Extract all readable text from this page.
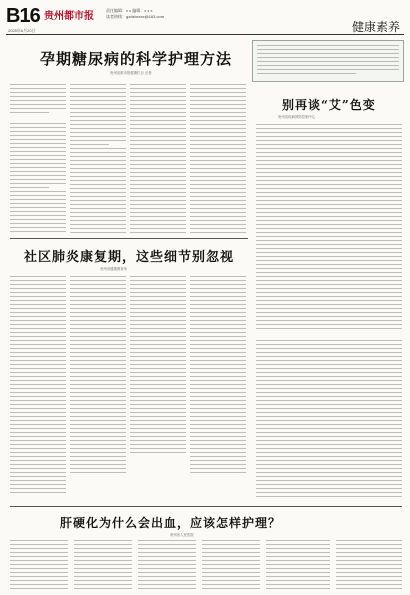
B16 贵州都市报
2025年6月20日
责任编辑：x x 编辑：x x x
读者热线：gzdsbxxxx@163.com
健康素养
孕期糖尿病的科学护理方法
贵州省都市报健康栏目 记者
别再谈“艾”色变
贵州省疾病预防控制中心
社区肺炎康复期，这些细节别忽视
贵州省健康教育所
肝硬化为什么会出血，应该怎样护理？
贵州省人民医院
